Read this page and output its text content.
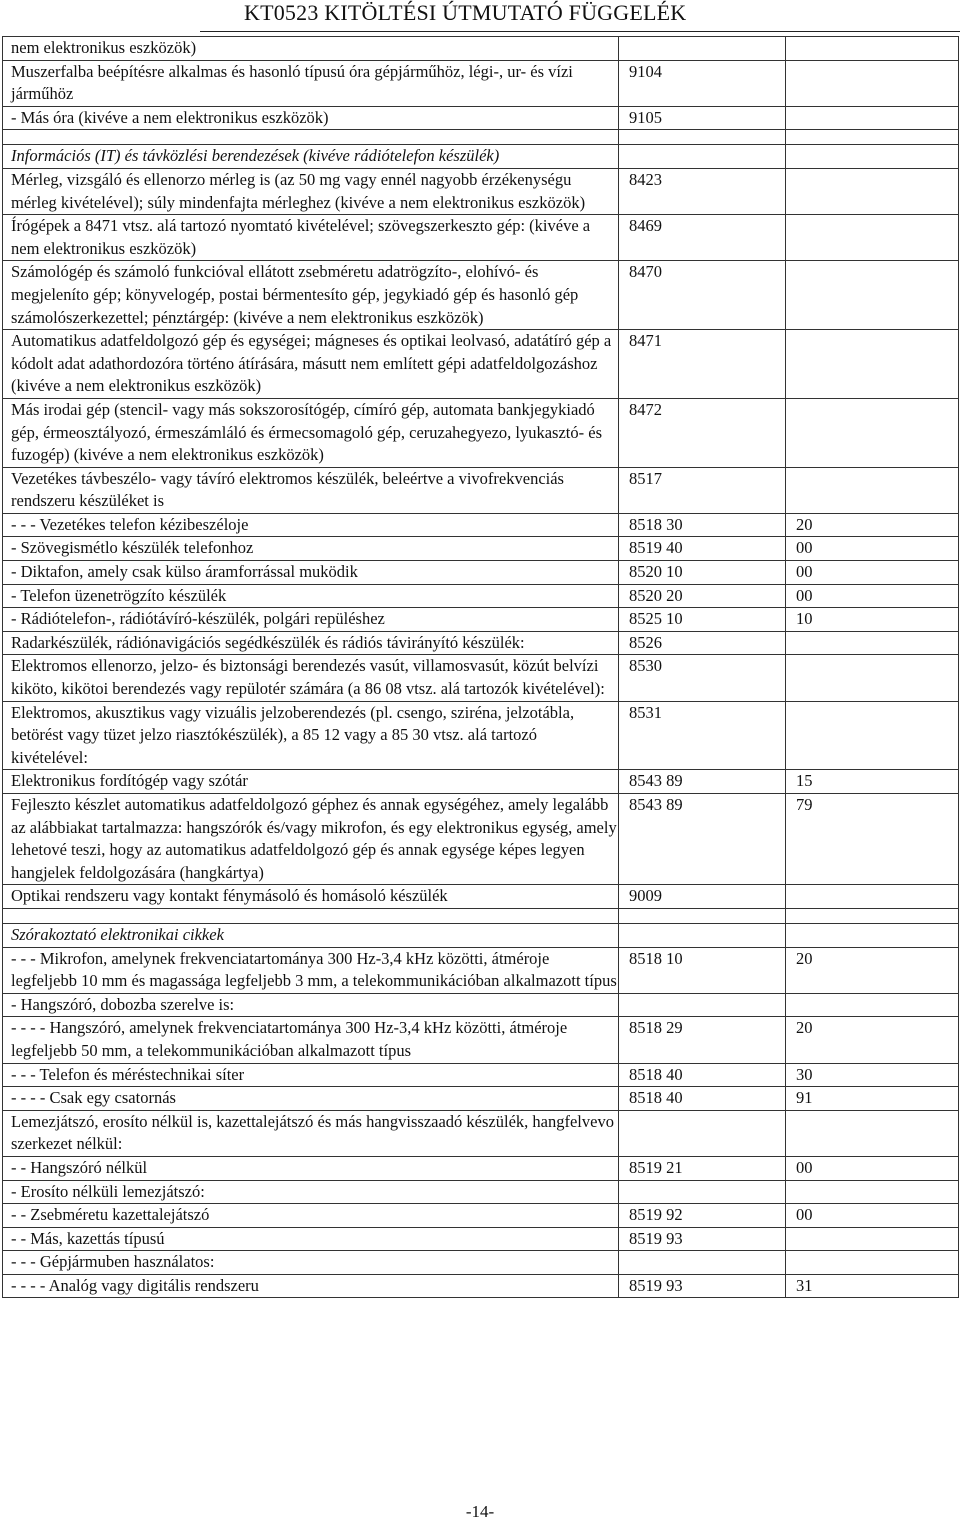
KT0523 KITÖLTÉSI ÚTMUTATÓ FÜGGELÉK
nem elektronikus eszközök)		
Muszerfalba beépítésre alkalmas és hasonló típusú óra gépjárműhöz, légi-, ur- és vízi járműhöz	9104	
- Más óra (kivéve a nem elektronikus eszközök)	9105	

Információs (IT) és távközlési berendezések (kivéve rádiótelefon készülék)		
Mérleg, vizsgáló és ellenorzo mérleg is (az 50 mg vagy ennél nagyobb érzékenységu mérleg kivételével); súly mindenfajta mérleghez (kivéve a nem elektronikus eszközök)	8423	
Írógépek a 8471 vtsz. alá tartozó nyomtató kivételével; szövegszerkeszto gép: (kivéve a nem elektronikus eszközök)	8469	
Számológép és számoló funkcióval ellátott zsebméretu adatrögzíto-, elohívó- és megjeleníto gép; könyvelogép, postai bérmentesíto gép, jegykiadó gép és hasonló gép számolószerkezettel; pénztárgép: (kivéve a nem elektronikus eszközök)	8470	
Automatikus adatfeldolgozó gép és egységei; mágneses és optikai leolvasó, adatátíró gép a kódolt adat adathordozóra történo átírására, másutt nem említett gépi adatfeldolgozáshoz (kivéve a nem elektronikus eszközök)	8471	
Más irodai gép (stencil- vagy más sokszorosítógép, címíró gép, automata bankjegykiadó gép, érmeosztályozó, érmeszámláló és érmecsomagoló gép, ceruzahegyezo, lyukasztó- és fuzogép) (kivéve a nem elektronikus eszközök)	8472	
Vezetékes távbeszélo- vagy távíró elektromos készülék, beleértve a vivofrekvenciás rendszeru készüléket is	8517	
- - - Vezetékes telefon kézibeszéloje	8518 30	20
- Szövegismétlo készülék telefonhoz	8519 40	00
- Diktafon, amely csak külso áramforrással muködik	8520 10	00
- Telefon üzenetrögzíto készülék	8520 20	00
- Rádiótelefon-, rádiótávíró-készülék, polgári repüléshez	8525 10	10
Radarkészülék, rádiónavigációs segédkészülék és rádiós távirányító készülék:	8526	
Elektromos ellenorzo, jelzo- és biztonsági berendezés vasút, villamosvasút, közút belvízi kiköto, kikötoi berendezés vagy repülotér számára (a 86 08 vtsz. alá tartozók kivételével):	8530	
Elektromos, akusztikus vagy vizuális jelzoberendezés (pl. csengo, sziréna, jelzotábla, betörést vagy tüzet jelzo riasztókészülék), a 85 12 vagy a 85 30 vtsz. alá tartozó kivételével:	8531	
Elektronikus fordítógép vagy szótár	8543 89	15
Fejleszto készlet automatikus adatfeldolgozó géphez és annak egységéhez, amely legalább az alábbiakat tartalmazza: hangszórók és/vagy mikrofon, és egy elektronikus egység, amely lehetové teszi, hogy az automatikus adatfeldolgozó gép és annak egysége képes legyen hangjelek feldolgozására (hangkártya)	8543 89	79
Optikai rendszeru vagy kontakt fénymásoló és homásoló készülék	9009	

Szórakoztató elektronikai cikkek		
- - - Mikrofon, amelynek frekvenciatartománya 300 Hz-3,4 kHz közötti, átméroje legfeljebb 10 mm és magassága legfeljebb 3 mm, a telekommunikációban alkalmazott típus	8518 10	20
- Hangszóró, dobozba szerelve is:		
- - - - Hangszóró, amelynek frekvenciatartománya 300 Hz-3,4 kHz közötti, átméroje legfeljebb 50 mm, a telekommunikációban alkalmazott típus	8518 29	20
- - - Telefon és méréstechnikai síter	8518 40	30
- - - - Csak egy csatornás	8518 40	91
Lemezjátszó, erosíto nélkül is, kazettalejátszó és más hangvisszaadó készülék, hangfelvevo szerkezet nélkül:		
- - Hangszóró nélkül	8519 21	00
- Erosíto nélküli lemezjátszó:		
- - Zsebméretu kazettalejátszó	8519 92	00
- - Más, kazettás típusú	8519 93	
- - - Gépjármuben használatos:		
- - - - Analóg vagy digitális rendszeru	8519 93	31
-14-
